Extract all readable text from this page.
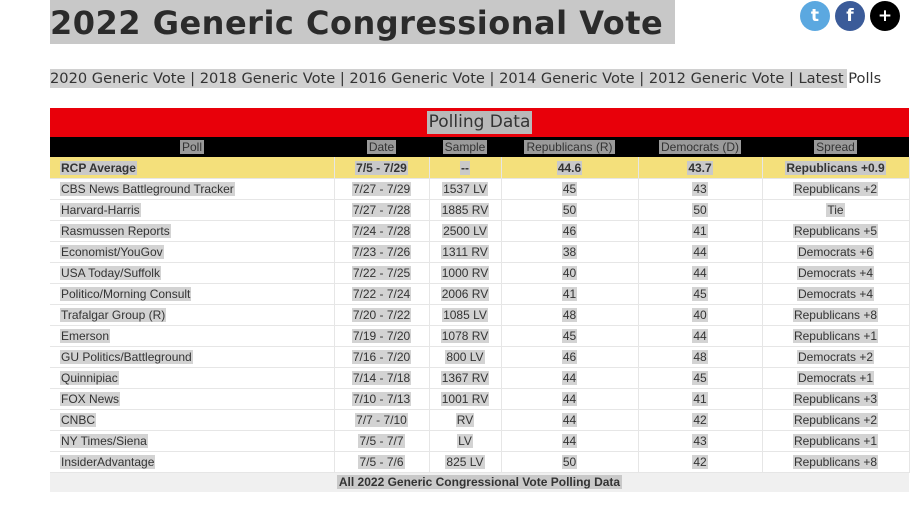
2022 Generic Congressional Vote	t	f	+
2020 Generic Vote | 2018 Generic Vote | 2016 Generic Vote | 2014 Generic Vote | 2012 Generic Vote | Latest Polls
Polling Data
Poll	Date	Sample	Republicans (R)	Democrats (D)	Spread
RCP Average	7/5 - 7/29	--	44.6	43.7	Republicans +0.9
CBS News Battleground Tracker	7/27 - 7/29	1537 LV	45	43	Republicans +2
Harvard-Harris	7/27 - 7/28	1885 RV	50	50	Tie
Rasmussen Reports	7/24 - 7/28	2500 LV	46	41	Republicans +5
Economist/YouGov	7/23 - 7/26	1311 RV	38	44	Democrats +6
USA Today/Suffolk	7/22 - 7/25	1000 RV	40	44	Democrats +4
Politico/Morning Consult	7/22 - 7/24	2006 RV	41	45	Democrats +4
Trafalgar Group (R)	7/20 - 7/22	1085 LV	48	40	Republicans +8
Emerson	7/19 - 7/20	1078 RV	45	44	Republicans +1
GU Politics/Battleground	7/16 - 7/20	800 LV	46	48	Democrats +2
Quinnipiac	7/14 - 7/18	1367 RV	44	45	Democrats +1
FOX News	7/10 - 7/13	1001 RV	44	41	Republicans +3
CNBC	7/7 - 7/10	RV	44	42	Republicans +2
NY Times/Siena	7/5 - 7/7	LV	44	43	Republicans +1
InsiderAdvantage	7/5 - 7/6	825 LV	50	42	Republicans +8
All 2022 Generic Congressional Vote Polling Data
